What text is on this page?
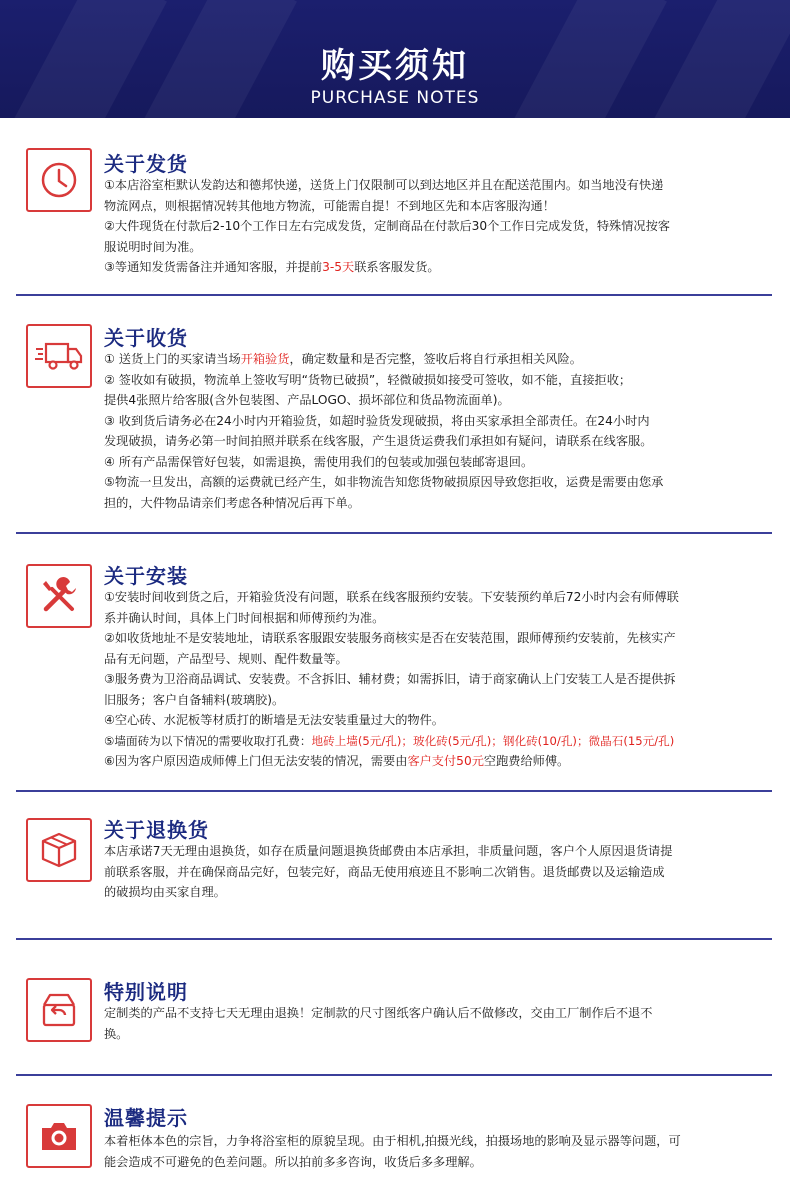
购买须知
PURCHASE NOTES
关于发货
①本店浴室柜默认发韵达和德邦快递，送货上门仅限制可以到达地区并且在配送范围内。如当地没有快递
物流网点，则根据情况转其他地方物流，可能需自提！不到地区先和本店客服沟通！
②大件现货在付款后2-10个工作日左右完成发货，定制商品在付款后30个工作日完成发货，特殊情况按客
服说明时间为准。
③等通知发货需备注并通知客服，并提前3-5天联系客服发货。
关于收货
① 送货上门的买家请当场开箱验货，确定数量和是否完整，签收后将自行承担相关风险。
② 签收如有破损，物流单上签收写明“货物已破损”，轻微破损如接受可签收，如不能，直接拒收；
提供4张照片给客服(含外包装图、产品LOGO、损坏部位和货品物流面单)。
③ 收到货后请务必在24小时内开箱验货，如超时验货发现破损，将由买家承担全部责任。在24小时内
发现破损，请务必第一时间拍照并联系在线客服，产生退货运费我们承担如有疑问，请联系在线客服。
④ 所有产品需保管好包装，如需退换，需使用我们的包装或加强包装邮寄退回。
⑤物流一旦发出，高额的运费就已经产生，如非物流告知您货物破损原因导致您拒收，运费是需要由您承
担的，大件物品请亲们考虑各种情况后再下单。
关于安装
①安装时间收到货之后，开箱验货没有问题，联系在线客服预约安装。下安装预约单后72小时内会有师傅联
系并确认时间，具体上门时间根据和师傅预约为准。
②如收货地址不是安装地址，请联系客服跟安装服务商核实是否在安装范围，跟师傅预约安装前，先核实产
品有无问题，产品型号、规则、配件数量等。
③服务费为卫浴商品调试、安装费。不含拆旧、辅材费；如需拆旧，请于商家确认上门安装工人是否提供拆
旧服务；客户自备辅料(玻璃胶)。
④空心砖、水泥板等材质打的断墙是无法安装重量过大的物件。
⑤墙面砖为以下情况的需要收取打孔费：地砖上墙(5元/孔)；玻化砖(5元/孔)；钢化砖(10/孔)；微晶石(15元/孔)
⑥因为客户原因造成师傅上门但无法安装的情况，需要由客户支付50元空跑费给师傅。
关于退换货
本店承诺7天无理由退换货，如存在质量问题退换货邮费由本店承担，非质量问题，客户个人原因退货请提
前联系客服，并在确保商品完好，包装完好，商品无使用痕迹且不影响二次销售。退货邮费以及运输造成
的破损均由买家自理。
特别说明
定制类的产品不支持七天无理由退换！定制款的尺寸图纸客户确认后不做修改，交由工厂制作后不退不
换。
温馨提示
本着柜体本色的宗旨，力争将浴室柜的原貌呈现。由于相机,拍摄光线，拍摄场地的影响及显示器等问题，可
能会造成不可避免的色差问题。所以拍前多多咨询，收货后多多理解。
